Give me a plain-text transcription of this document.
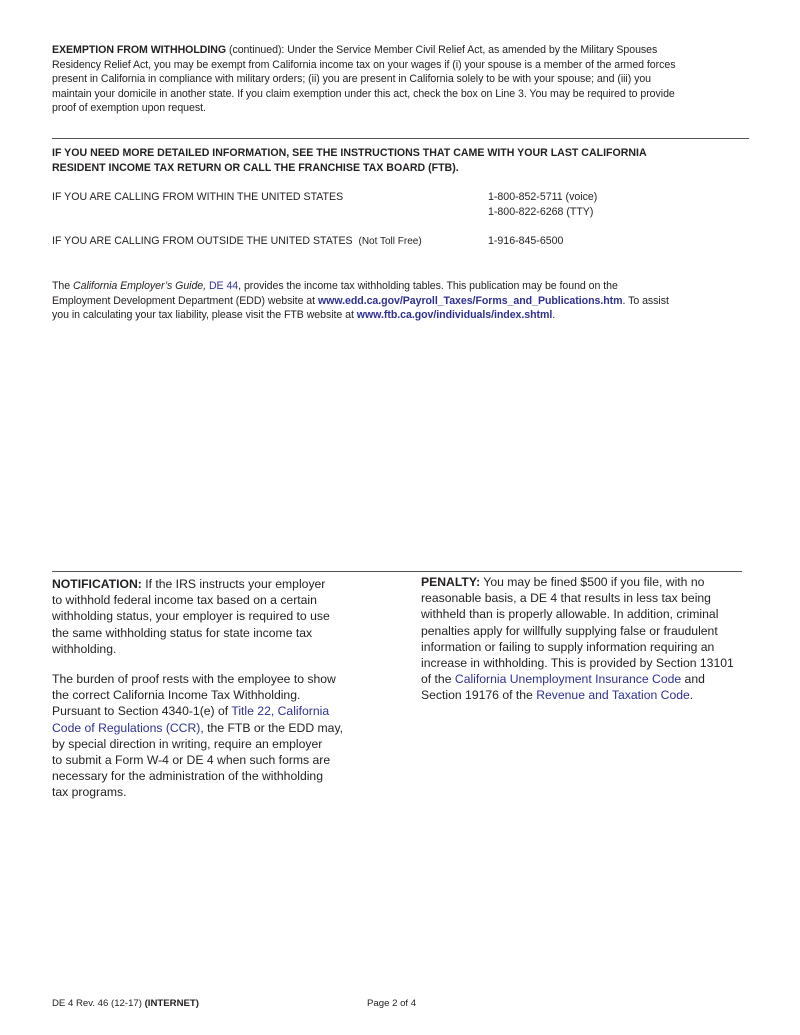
EXEMPTION FROM WITHHOLDING (continued): Under the Service Member Civil Relief Act, as amended by the Military Spouses
Residency Relief Act, you may be exempt from California income tax on your wages if (i) your spouse is a member of the armed forces
present in California in compliance with military orders; (ii) you are present in California solely to be with your spouse; and (iii) you
maintain your domicile in another state. If you claim exemption under this act, check the box on Line 3. You may be required to provide
proof of exemption upon request.
IF YOU NEED MORE DETAILED INFORMATION, SEE THE INSTRUCTIONS THAT CAME WITH YOUR LAST CALIFORNIA
RESIDENT INCOME TAX RETURN OR CALL THE FRANCHISE TAX BOARD (FTB).
IF YOU ARE CALLING FROM WITHIN THE UNITED STATES	1-800-852-5711 (voice)
1-800-822-6268 (TTY)
IF YOU ARE CALLING FROM OUTSIDE THE UNITED STATES (Not Toll Free)	1-916-845-6500
The California Employer’s Guide, DE 44, provides the income tax withholding tables. This publication may be found on the
Employment Development Department (EDD) website at www.edd.ca.gov/Payroll_Taxes/Forms_and_Publications.htm. To assist
you in calculating your tax liability, please visit the FTB website at www.ftb.ca.gov/individuals/index.shtml.
NOTIFICATION: If the IRS instructs your employer
to withhold federal income tax based on a certain
withholding status, your employer is required to use
the same withholding status for state income tax
withholding.
The burden of proof rests with the employee to show
the correct California Income Tax Withholding.
Pursuant to Section 4340-1(e) of Title 22, California
Code of Regulations (CCR), the FTB or the EDD may,
by special direction in writing, require an employer
to submit a Form W-4 or DE 4 when such forms are
necessary for the administration of the withholding
tax programs.
PENALTY: You may be fined $500 if you file, with no
reasonable basis, a DE 4 that results in less tax being
withheld than is properly allowable. In addition, criminal
penalties apply for willfully supplying false or fraudulent
information or failing to supply information requiring an
increase in withholding. This is provided by Section 13101
of the California Unemployment Insurance Code and
Section 19176 of the Revenue and Taxation Code.
DE 4 Rev. 46 (12-17) (INTERNET)	Page 2 of 4
